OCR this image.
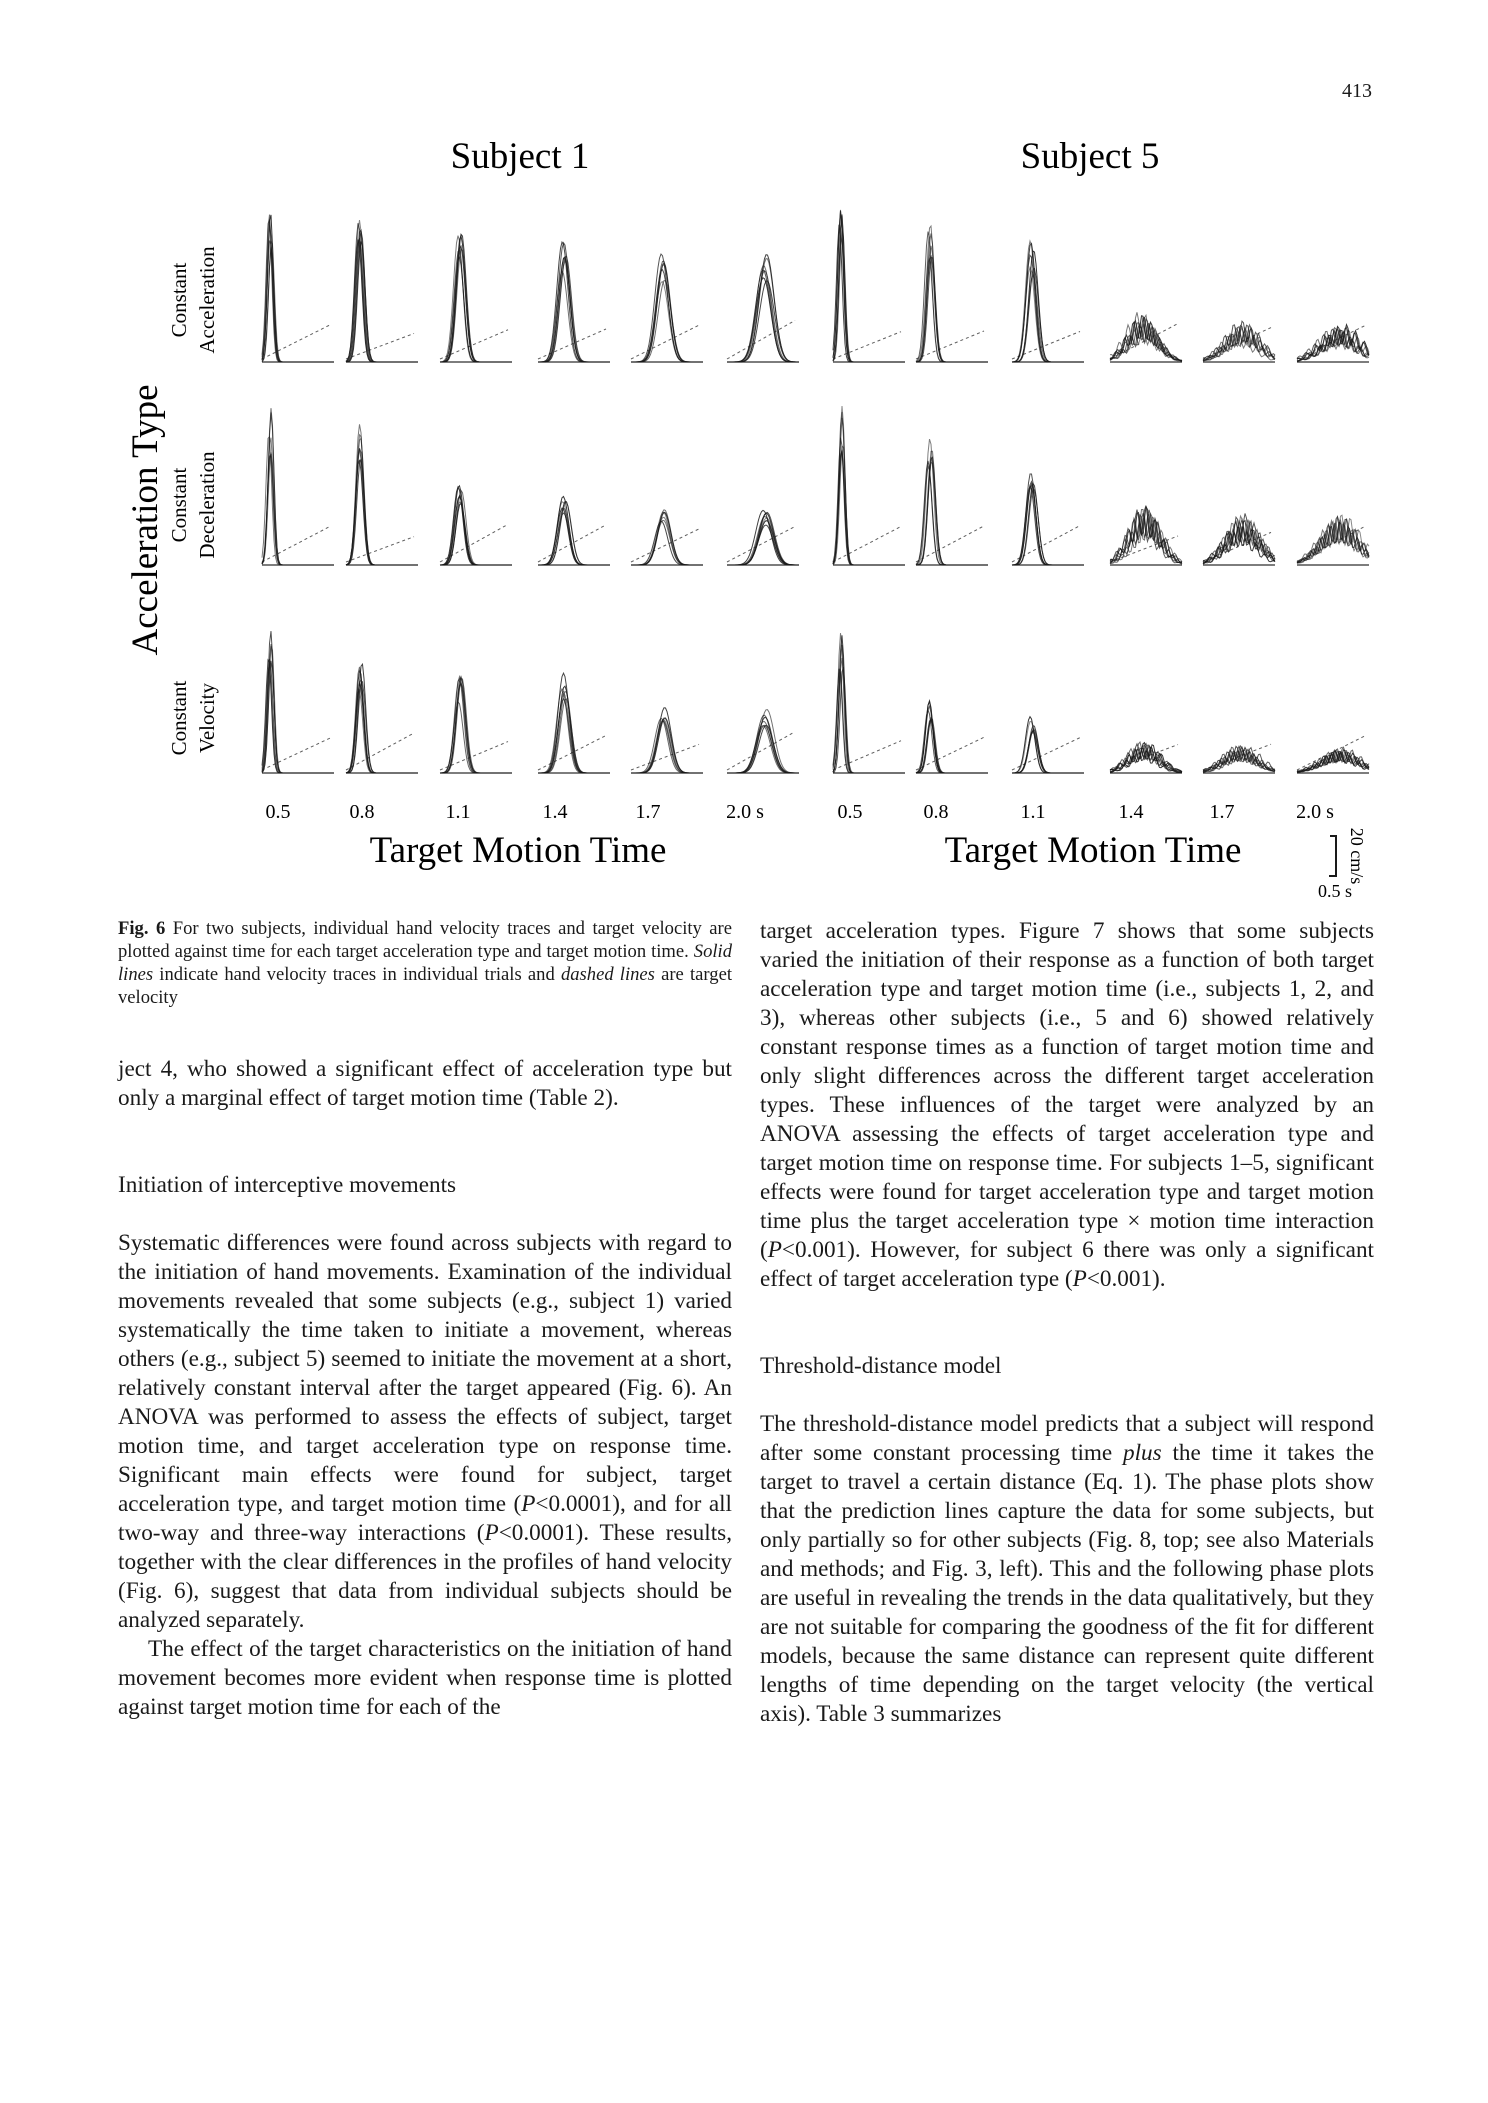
413
Subject 1	Subject 5
Acceleration Type
Constant Acceleration
Constant Deceleration
Constant Velocity
0.5	0.8	1.1	1.4	1.7	2.0 s	0.5	0.8	1.1	1.4	1.7	2.0 s
Target Motion Time	Target Motion Time	20 cm/s
0.5 s
Fig. 6 For two subjects, individual hand velocity traces and target velocity are plotted against time for each target acceleration type and target motion time. Solid lines indicate hand velocity traces in individual trials and dashed lines are target velocity

ject 4, who showed a significant effect of acceleration type but only a marginal effect of target motion time (Table 2).

Initiation of interceptive movements

Systematic differences were found across subjects with regard to the initiation of hand movements. Examination of the individual movements revealed that some subjects (e.g., subject 1) varied systematically the time taken to initiate a movement, whereas others (e.g., subject 5) seemed to initiate the movement at a short, relatively constant interval after the target appeared (Fig. 6). An ANOVA was performed to assess the effects of subject, target motion time, and target acceleration type on response time. Significant main effects were found for subject, target acceleration type, and target motion time (P<0.0001), and for all two-way and three-way interactions (P<0.0001). These results, together with the clear differences in the profiles of hand velocity (Fig. 6), suggest that data from individual subjects should be analyzed separately.

The effect of the target characteristics on the initiation of hand movement becomes more evident when response time is plotted against target motion time for each of the

target acceleration types. Figure 7 shows that some subjects varied the initiation of their response as a function of both target acceleration type and target motion time (i.e., subjects 1, 2, and 3), whereas other subjects (i.e., 5 and 6) showed relatively constant response times as a function of target motion time and only slight differences across the different target acceleration types. These influences of the target were analyzed by an ANOVA assessing the effects of target acceleration type and target motion time on response time. For subjects 1–5, significant effects were found for target acceleration type and target motion time plus the target acceleration type × motion time interaction (P<0.001). However, for subject 6 there was only a significant effect of target acceleration type (P<0.001).

Threshold-distance model

The threshold-distance model predicts that a subject will respond after some constant processing time plus the time it takes the target to travel a certain distance (Eq. 1). The phase plots show that the prediction lines capture the data for some subjects, but only partially so for other subjects (Fig. 8, top; see also Materials and methods; and Fig. 3, left). This and the following phase plots are useful in revealing the trends in the data qualitatively, but they are not suitable for comparing the goodness of the fit for different models, because the same distance can represent quite different lengths of time depending on the target velocity (the vertical axis). Table 3 summarizes
